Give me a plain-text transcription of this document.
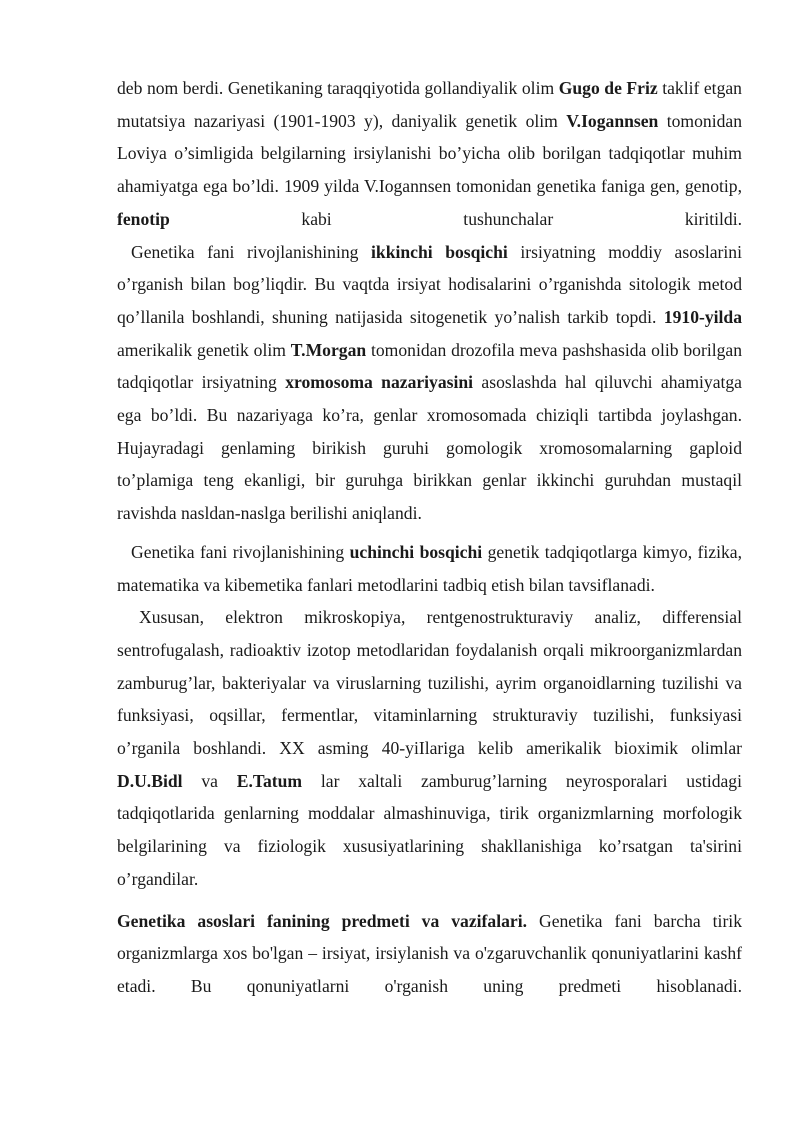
deb nom berdi. Genetikaning taraqqiyotida gollandiyalik olim Gugo de Friz taklif etgan mutatsiya nazariyasi (1901-1903 y), daniyalik genetik olim V.Iogannsen tomonidan Loviya o’simligida belgilarning irsiylanishi bo’yicha olib borilgan tadqiqotlar muhim ahamiyatga ega bo’ldi. 1909 yilda V.Iogannsen tomonidan genetika faniga gen, genotip, fenotip kabi tushunchalar kiritildi.

Genetika fani rivojlanishining ikkinchi bosqichi irsiyatning moddiy asoslarini o’rganish bilan bog’liqdir. Bu vaqtda irsiyat hodisalarini o’rganishda sitologik metod qo’llanila boshlandi, shuning natijasida sitogenetik yo’nalish tarkib topdi. 1910-yilda amerikalik genetik olim T.Morgan tomonidan drozofila meva pashshasida olib borilgan tadqiqotlar irsiyatning xromosoma nazariyasini asoslashda hal qiluvchi ahamiyatga ega bo’ldi. Bu nazariyaga ko’ra, genlar xromosomada chiziqli tartibda joylashgan. Hujayradagi genlaming birikish guruhi gomologik xromosomalarning gaploid to’plamiga teng ekanligi, bir guruhga birikkan genlar ikkinchi guruhdan mustaqil ravishda nasldan-naslga berilishi aniqlandi.

Genetika fani rivojlanishining uchinchi bosqichi genetik tadqiqotlarga kimyo, fizika, matematika va kibemetika fanlari metodlarini tadbiq etish bilan tavsiflanadi.

Xususan, elektron mikroskopiya, rentgenostrukturaviy analiz, differensial sentrofugalash, radioaktiv izotop metodlaridan foydalanish orqali mikroorganizmlardan zamburug’lar, bakteriyalar va viruslarning tuzilishi, ayrim organoidlarning tuzilishi va funksiyasi, oqsillar, fermentlar, vitaminlarning strukturaviy tuzilishi, funksiyasi o’rganila boshlandi. XX asming 40-yiIlariga kelib amerikalik bioximik olimlar D.U.Bidl va E.Tatum lar xaltali zamburug’larning neyrosporalari ustidagi tadqiqotlarida genlarning moddalar almashinuviga, tirik organizmlarning morfologik belgilarining va fiziologik xususiyatlarining shakllanishiga ko’rsatgan ta'sirini o’rgandilar.

Genetika asoslari fanining predmeti va vazifalari. Genetika fani barcha tirik organizmlarga xos bo'lgan – irsiyat, irsiylanish va o'zgaruvchanlik qonuniyatlarini kashf etadi. Bu qonuniyatlarni o'rganish uning predmeti hisoblanadi.
